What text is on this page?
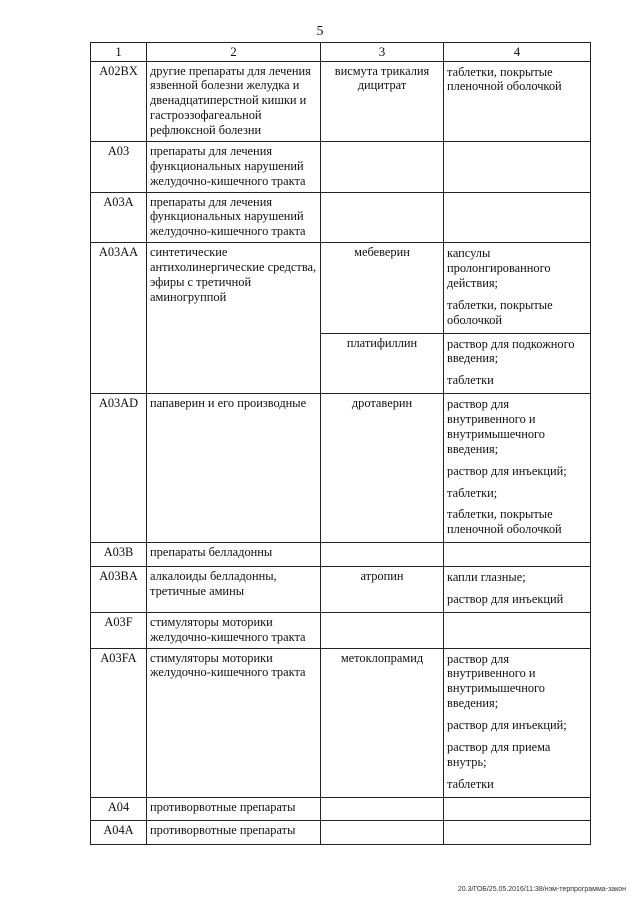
5
1	2	3	4
A02BX	другие препараты для лечения язвенной болезни желудка и двенадцатиперстной кишки и гастроэзофагеальной рефлюксной болезни	висмута трикалия дицитрат	таблетки, покрытые пленочной оболочкой

A03	препараты для лечения функциональных нарушений желудочно-кишечного тракта		

A03A	препараты для лечения функциональных нарушений желудочно-кишечного тракта		

A03AA	синтетические антихолинергические средства, эфиры с третичной аминогруппой	мебеверин	капсулы пролонгированного действия;
таблетки, покрытые оболочкой

		платифиллин	раствор для подкожного введения;
таблетки

A03AD	папаверин и его производные	дротаверин	раствор для внутривенного и внутримышечного введения;
раствор для инъекций;
таблетки;
таблетки, покрытые пленочной оболочкой

A03B	препараты белладонны		

A03BA	алкалоиды белладонны, третичные амины	атропин	капли глазные;
раствор для инъекций

A03F	стимуляторы моторики желудочно-кишечного тракта		

A03FA	стимуляторы моторики желудочно-кишечного тракта	метоклопрамид	раствор для внутривенного и внутримышечного введения;
раствор для инъекций;
раствор для приема внутрь;
таблетки

A04	противорвотные препараты		

A04A	противорвотные препараты		

20.3/ГОБ/25.05.2016/11:38/нэм-терпрограмма-закон
